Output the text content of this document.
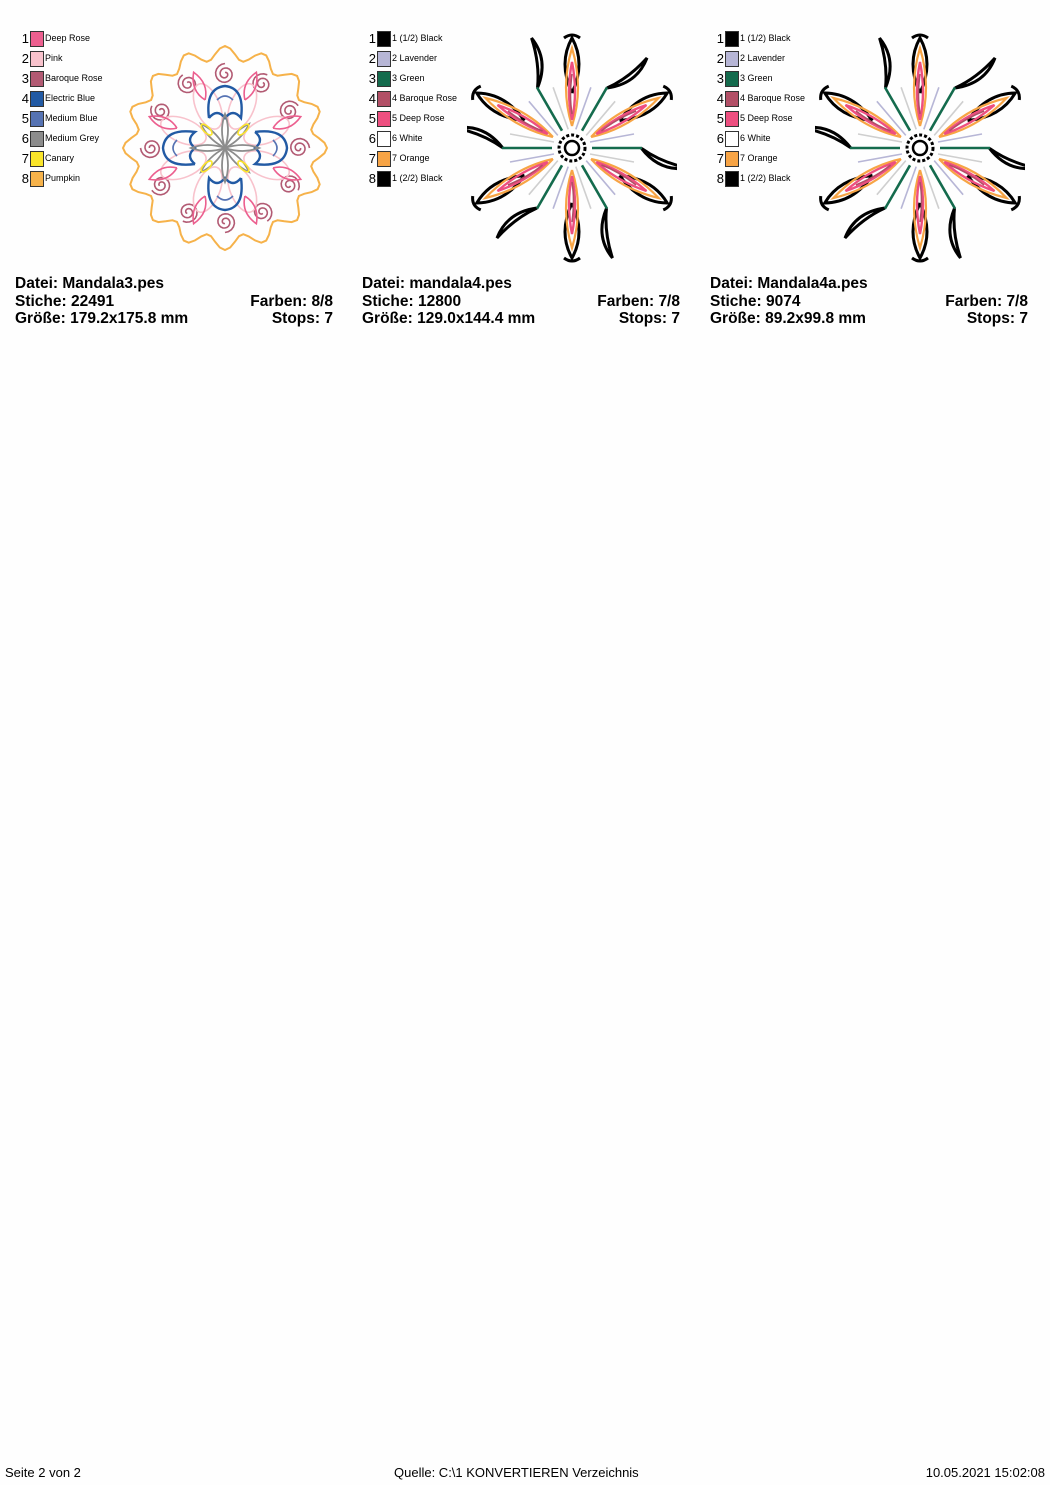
1 Deep Rose
2 Pink
3 Baroque Rose
4 Electric Blue
5 Medium Blue
6 Medium Grey
7 Canary
8 Pumpkin
Datei: Mandala3.pes
Stiche: 22491	Farben: 8/8
Größe: 179.2x175.8 mm	Stops: 7
1 1 (1/2) Black
2 2 Lavender
3 3 Green
4 4 Baroque Rose
5 5 Deep Rose
6 6 White
7 7 Orange
8 1 (2/2) Black
Datei: mandala4.pes
Stiche: 12800	Farben: 7/8
Größe: 129.0x144.4 mm	Stops: 7
1 1 (1/2) Black
2 2 Lavender
3 3 Green
4 4 Baroque Rose
5 5 Deep Rose
6 6 White
7 7 Orange
8 1 (2/2) Black
Datei: Mandala4a.pes
Stiche: 9074	Farben: 7/8
Größe: 89.2x99.8 mm	Stops: 7
Seite 2 von 2	Quelle: C:\1 KONVERTIEREN Verzeichnis	10.05.2021 15:02:08
